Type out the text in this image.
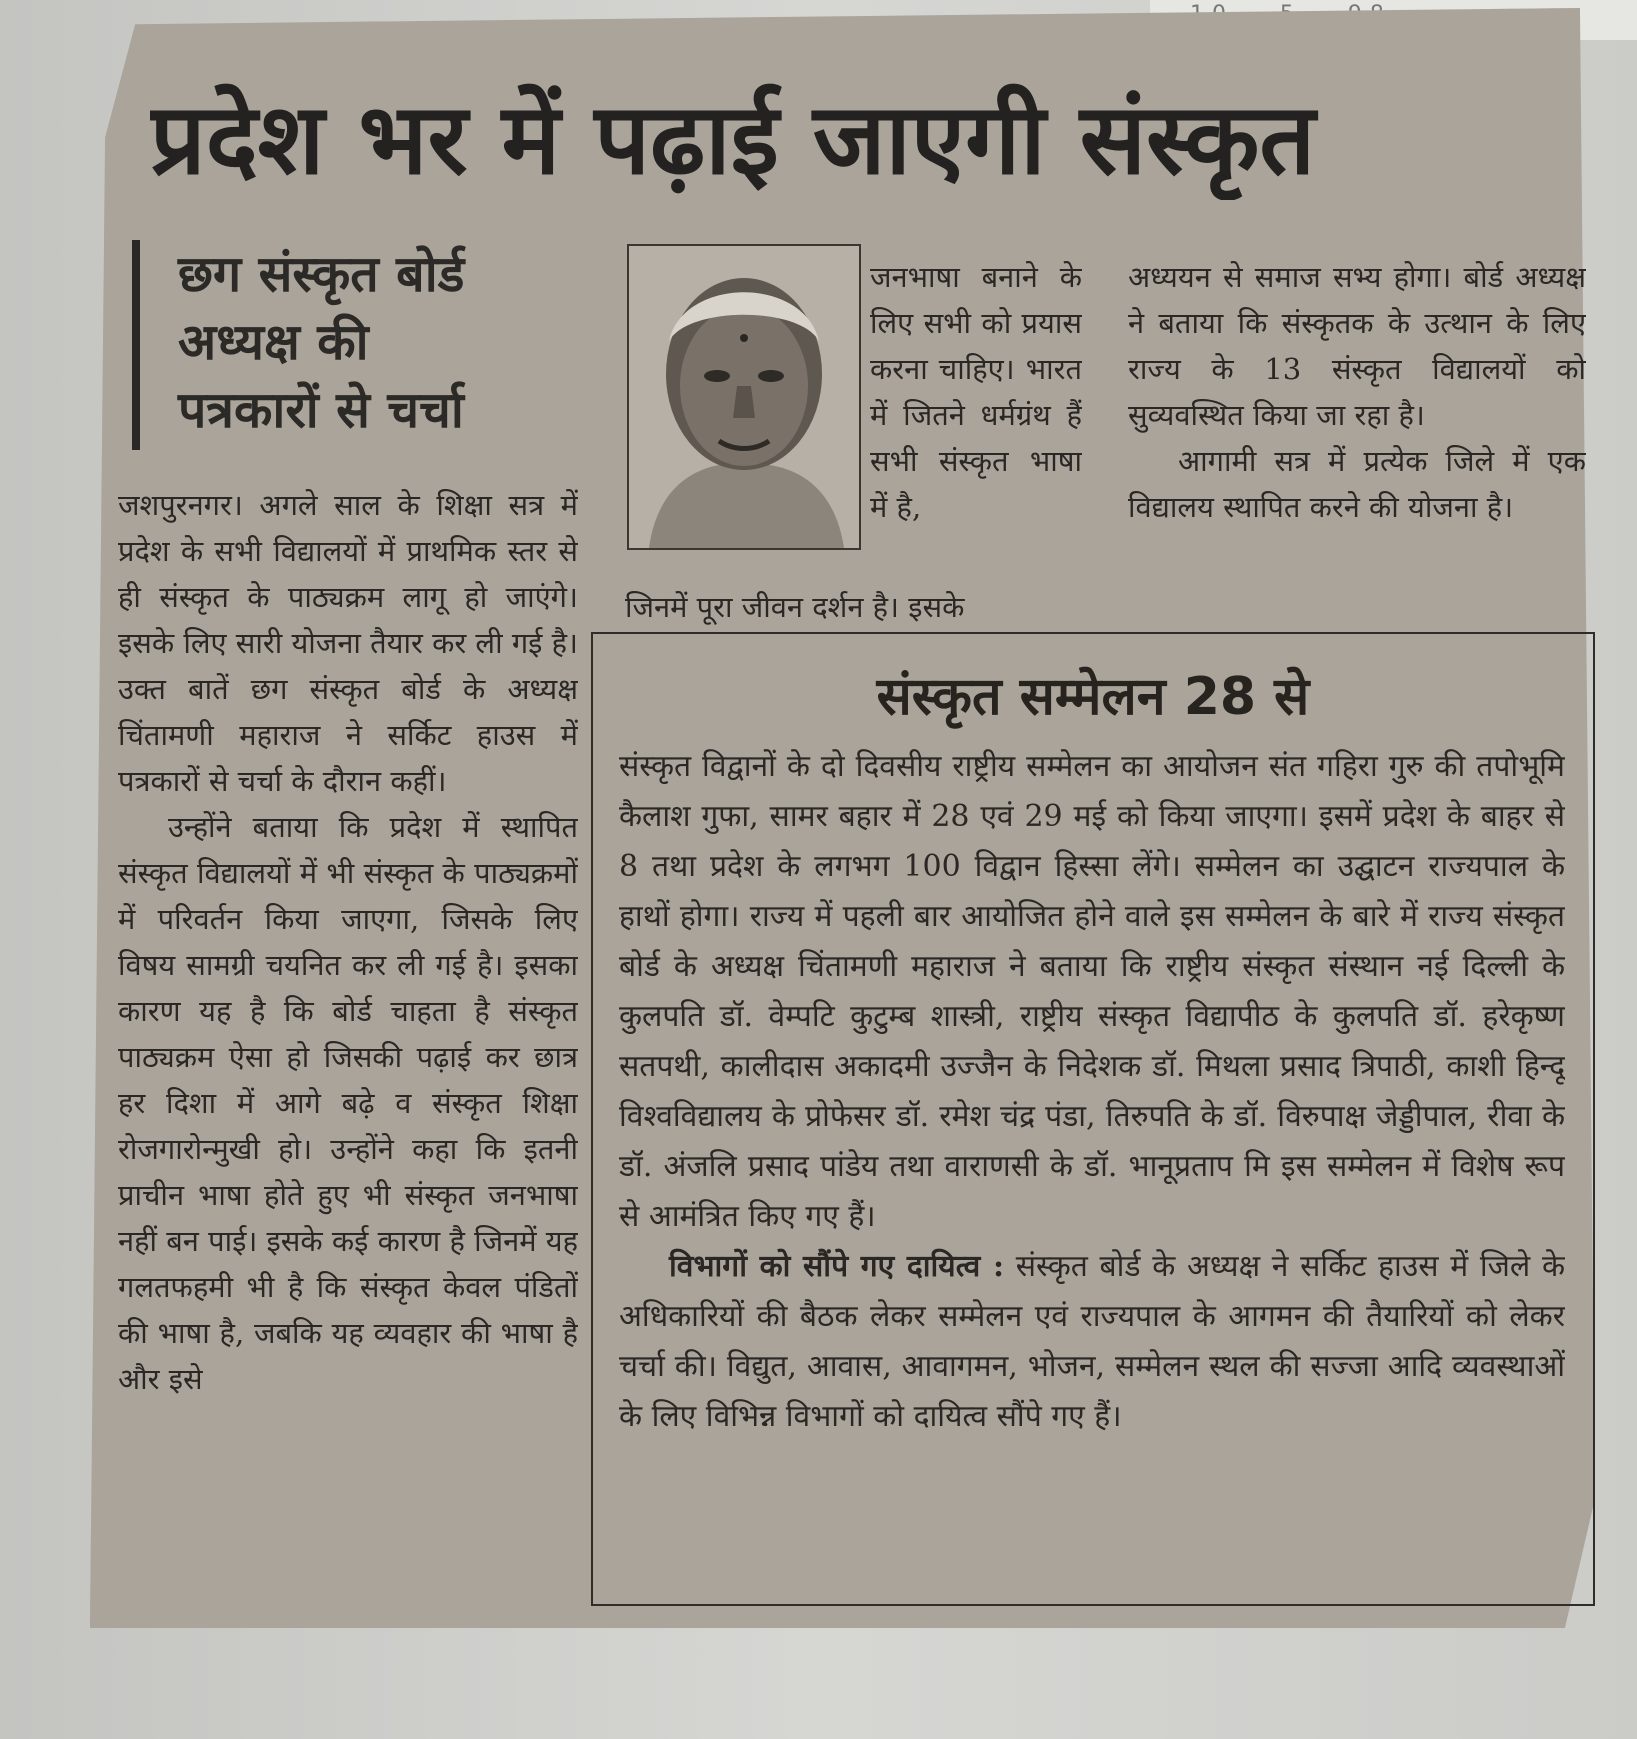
प्रदेश भर में पढ़ाई जाएगी संस्कृत
छग संस्कृत बोर्ड
अध्यक्ष की
पत्रकारों से चर्चा

जशपुरनगर। अगले साल के शिक्षा सत्र में प्रदेश के सभी विद्यालयों में प्राथमिक स्तर से ही संस्कृत के पाठ्यक्रम लागू हो जाएंगे। इसके लिए सारी योजना तैयार कर ली गई है। उक्त बातें छग संस्कृत बोर्ड के अध्यक्ष चिंतामणी महाराज ने सर्किट हाउस में पत्रकारों से चर्चा के दौरान कहीं।

उन्होंने बताया कि प्रदेश में स्थापित संस्कृत विद्यालयों में भी संस्कृत के पाठ्यक्रमों में परिवर्तन किया जाएगा, जिसके लिए विषय सामग्री चयनित कर ली गई है। इसका कारण यह है कि बोर्ड चाहता है संस्कृत पाठ्यक्रम ऐसा हो जिसकी पढ़ाई कर छात्र हर दिशा में आगे बढ़े व संस्कृत शिक्षा रोजगारोन्मुखी हो। उन्होंने कहा कि इतनी प्राचीन भाषा होते हुए भी संस्कृत जनभाषा नहीं बन पाई। इसके कई कारण है जिनमें यह गलतफहमी भी है कि संस्कृत केवल पंडितों की भाषा है, जबकि यह व्यवहार की भाषा है और इसे

जनभाषा बनाने के लिए सभी को प्रयास करना चाहिए। भारत में जितने धर्मग्रंथ हैं सभी संस्कृत भाषा में है,

जिनमें पूरा जीवन दर्शन है। इसके

अध्ययन से समाज सभ्य होगा। बोर्ड अध्यक्ष ने बताया कि संस्कृतक के उत्थान के लिए राज्य के 13 संस्कृत विद्यालयों को सुव्यवस्थित किया जा रहा है।

आगामी सत्र में प्रत्येक जिले में एक विद्यालय स्थापित करने की योजना है।

संस्कृत सम्मेलन 28 से

संस्कृत विद्वानों के दो दिवसीय राष्ट्रीय सम्मेलन का आयोजन संत गहिरा गुरु की तपोभूमि कैलाश गुफा, सामर बहार में 28 एवं 29 मई को किया जाएगा। इसमें प्रदेश के बाहर से 8 तथा प्रदेश के लगभग 100 विद्वान हिस्सा लेंगे। सम्मेलन का उद्घाटन राज्यपाल के हाथों होगा। राज्य में पहली बार आयोजित होने वाले इस सम्मेलन के बारे में राज्य संस्कृत बोर्ड के अध्यक्ष चिंतामणी महाराज ने बताया कि राष्ट्रीय संस्कृत संस्थान नई दिल्ली के कुलपति डॉ. वेम्पटि कुटुम्ब शास्त्री, राष्ट्रीय संस्कृत विद्यापीठ के कुलपति डॉ. हरेकृष्ण सतपथी, कालीदास अकादमी उज्जैन के निदेशक डॉ. मिथला प्रसाद त्रिपाठी, काशी हिन्दू विश्वविद्यालय के प्रोफेसर डॉ. रमेश चंद्र पंडा, तिरुपति के डॉ. विरुपाक्ष जेड्डीपाल, रीवा के डॉ. अंजलि प्रसाद पांडेय तथा वाराणसी के डॉ. भानूप्रताप मि इस सम्मेलन में विशेष रूप से आमंत्रित किए गए हैं।

विभागों को सौंपे गए दायित्व : संस्कृत बोर्ड के अध्यक्ष ने सर्किट हाउस में जिले के अधिकारियों की बैठक लेकर सम्मेलन एवं राज्यपाल के आगमन की तैयारियों को लेकर चर्चा की। विद्युत, आवास, आवागमन, भोजन, सम्मेलन स्थल की सज्जा आदि व्यवस्थाओं के लिए विभिन्न विभागों को दायित्व सौंपे गए हैं।
